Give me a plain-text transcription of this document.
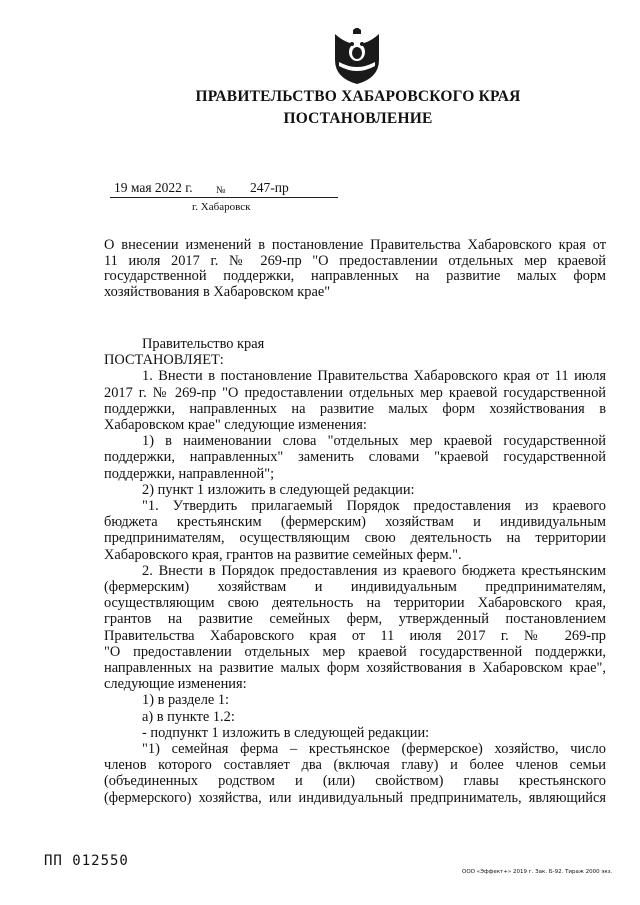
ПРАВИТЕЛЬСТВО ХАБАРОВСКОГО КРАЯ
ПОСТАНОВЛЕНИЕ
19 мая 2022 г. № 247-пр
г. Хабаровск
О внесении изменений в постановление Правительства Хабаровского края от
11 июля 2017 г. № 269-пр "О предоставлении отдельных мер краевой
государственной поддержки, направленных на развитие малых форм
хозяйствования в Хабаровском крае"
Правительство края
ПОСТАНОВЛЯЕТ:
1. Внести в постановление Правительства Хабаровского края от 11 июля
2017 г. № 269-пр "О предоставлении отдельных мер краевой государственной
поддержки, направленных на развитие малых форм хозяйствования в
Хабаровском крае" следующие изменения:
1) в наименовании слова "отдельных мер краевой государственной
поддержки, направленных" заменить словами "краевой государственной
поддержки, направленной";
2) пункт 1 изложить в следующей редакции:
"1. Утвердить прилагаемый Порядок предоставления из краевого
бюджета крестьянским (фермерским) хозяйствам и индивидуальным
предпринимателям, осуществляющим свою деятельность на территории
Хабаровского края, грантов на развитие семейных ферм.".
2. Внести в Порядок предоставления из краевого бюджета крестьянским
(фермерским) хозяйствам и индивидуальным предпринимателям,
осуществляющим свою деятельность на территории Хабаровского края,
грантов на развитие семейных ферм, утвержденный постановлением
Правительства Хабаровского края от 11 июля 2017 г. № 269-пр
"О предоставлении отдельных мер краевой государственной поддержки,
направленных на развитие малых форм хозяйствования в Хабаровском крае",
следующие изменения:
1) в разделе 1:
а) в пункте 1.2:
- подпункт 1 изложить в следующей редакции:
"1) семейная ферма – крестьянское (фермерское) хозяйство, число
членов которого составляет два (включая главу) и более членов семьи
(объединенных родством и (или) свойством) главы крестьянского
(фермерского) хозяйства, или индивидуальный предприниматель, являющийся
ПП 012550
ООО «Эффект+» 2019 г. Зак. Б-92. Тираж 2000 экз.
